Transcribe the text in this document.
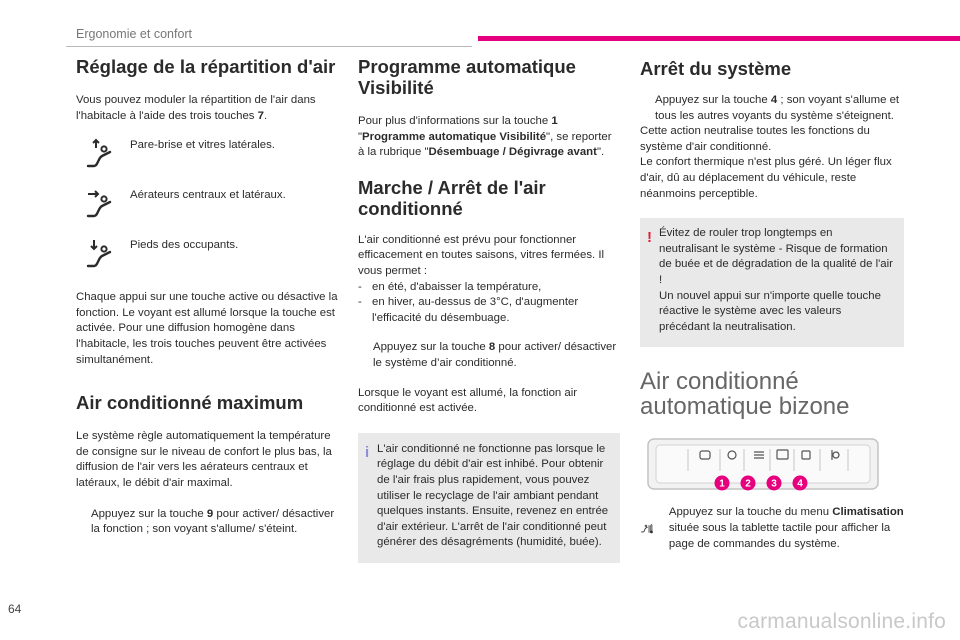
Ergonomie et confort
Réglage de la répartition d'air

Vous pouvez moduler la répartition de l'air dans l'habitacle à l'aide des trois touches 7.

Pare-brise et vitres latérales.
Aérateurs centraux et latéraux.
Pieds des occupants.

Chaque appui sur une touche active ou désactive la fonction. Le voyant est allumé lorsque la touche est activée. Pour une diffusion homogène dans l'habitacle, les trois touches peuvent être activées simultanément.

Air conditionné maximum

Le système règle automatiquement la température de consigne sur le niveau de confort le plus bas, la diffusion de l'air vers les aérateurs centraux et latéraux, le débit d'air maximal.

Appuyez sur la touche 9 pour activer/ désactiver la fonction ; son voyant s'allume/ s'éteint.
Programme automatique Visibilité

Pour plus d'informations sur la touche 1 "Programme automatique Visibilité", se reporter à la rubrique "Désembuage / Dégivrage avant".

Marche / Arrêt de l'air conditionné

L'air conditionné est prévu pour fonctionner efficacement en toutes saisons, vitres fermées. Il vous permet :

- en été, d'abaisser la température,
- en hiver, au-dessus de 3°C, d'augmenter l'efficacité du désembuage.
Appuyez sur la touche 8 pour activer/ désactiver le système d’air conditionné.

Lorsque le voyant est allumé, la fonction air conditionné est activée.

i L'air conditionné ne fonctionne pas lorsque le réglage du débit d'air est inhibé. Pour obtenir de l'air frais plus rapidement, vous pouvez utiliser le recyclage de l'air ambiant pendant quelques instants. Ensuite, revenez en entrée d'air extérieur. L'arrêt de l'air conditionné peut générer des désagréments (humidité, buée).

Arrêt du système
Appuyez sur la touche 4 ; son voyant s'allume et tous les autres voyants du système s'éteignent.

Cette action neutralise toutes les fonctions du système d'air conditionné.

Le confort thermique n'est plus géré. Un léger flux d'air, dû au déplacement du véhicule, reste néanmoins perceptible.

! Évitez de rouler trop longtemps en neutralisant le système - Risque de formation de buée et de dégradation de la qualité de l'air !

Un nouvel appui sur n'importe quelle touche réactive le système avec les valeurs précédant la neutralisation.

Air conditionné automatique bizone
1 2 3 4

Appuyez sur la touche du menu Climatisation située sous la tablette tactile pour afficher la page de commandes du système.

64
carmanualsonline.info
